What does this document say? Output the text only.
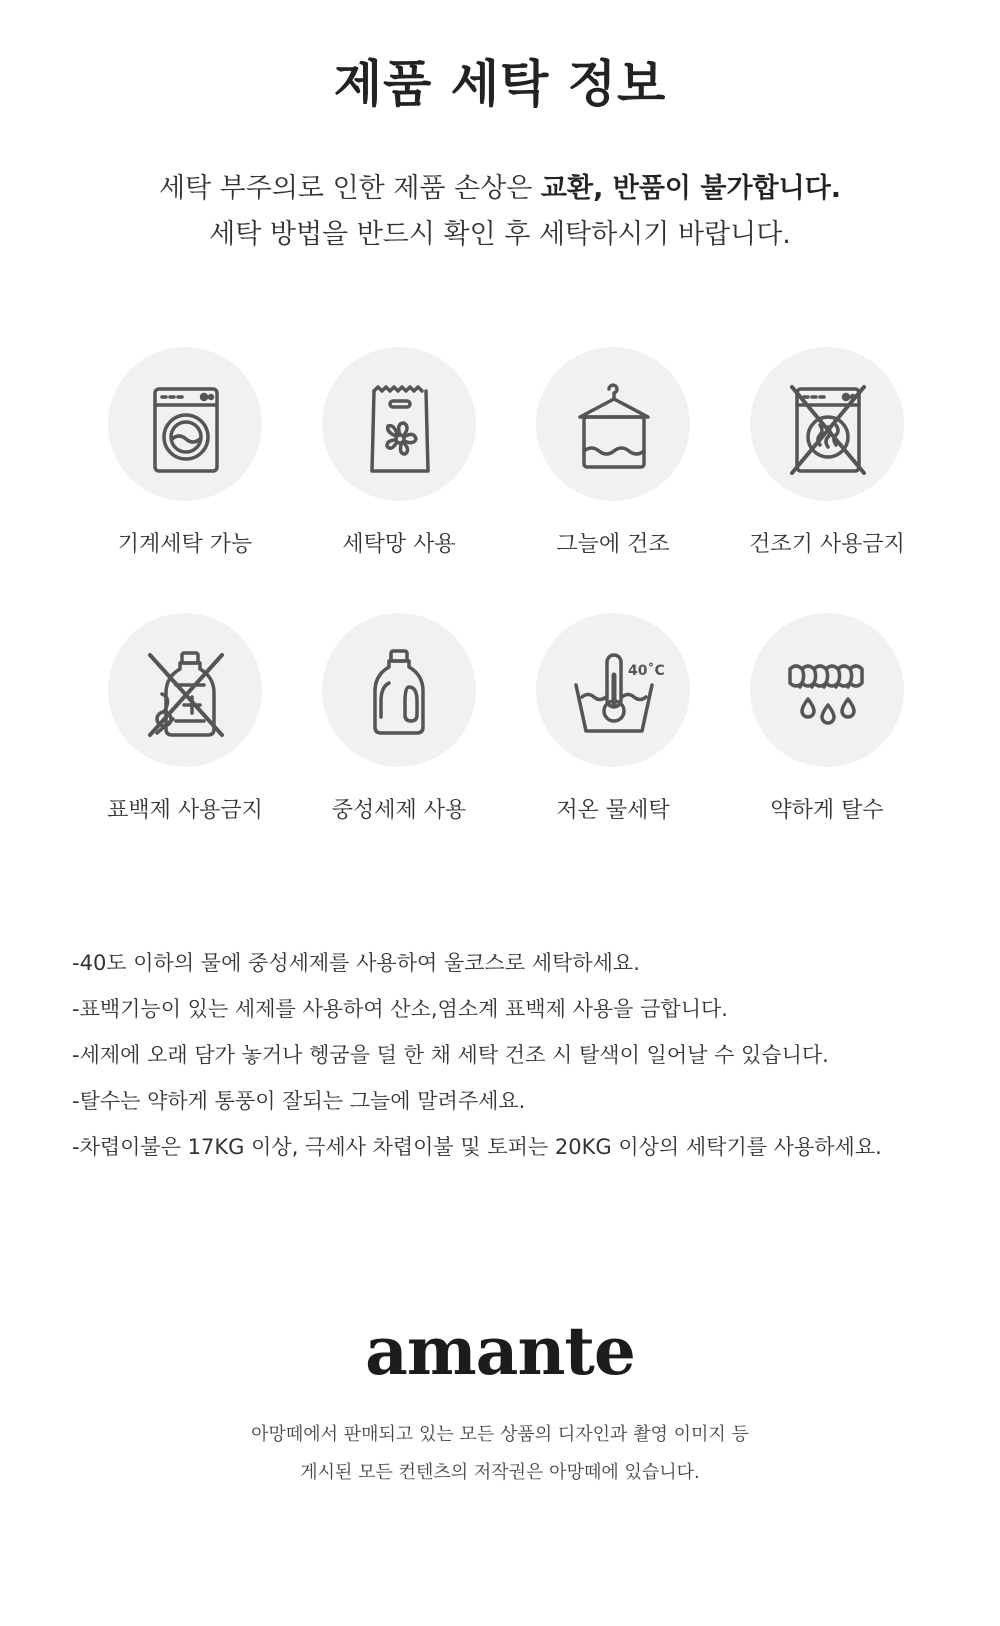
제품 세탁 정보
세탁 부주의로 인한 제품 손상은 교환, 반품이 불가합니다.
세탁 방법을 반드시 확인 후 세탁하시기 바랍니다.
기계세탁 가능	세탁망 사용	그늘에 건조	건조기 사용금지
표백제 사용금지	중성세제 사용
40˚C
저온 물세탁	약하게 탈수

-40도 이하의 물에 중성세제를 사용하여 울코스로 세탁하세요.

-표백기능이 있는 세제를 사용하여 산소,염소계 표백제 사용을 금합니다.

-세제에 오래 담가 놓거나 헹굼을 덜 한 채 세탁 건조 시 탈색이 일어날 수 있습니다.

-탈수는 약하게 통풍이 잘되는 그늘에 말려주세요.

-차렵이불은 17KG 이상, 극세사 차렵이불 및 토퍼는 20KG 이상의 세탁기를 사용하세요.

amante
아망떼에서 판매되고 있는 모든 상품의 디자인과 촬영 이미지 등
게시된 모든 컨텐츠의 저작권은 아망떼에 있습니다.
